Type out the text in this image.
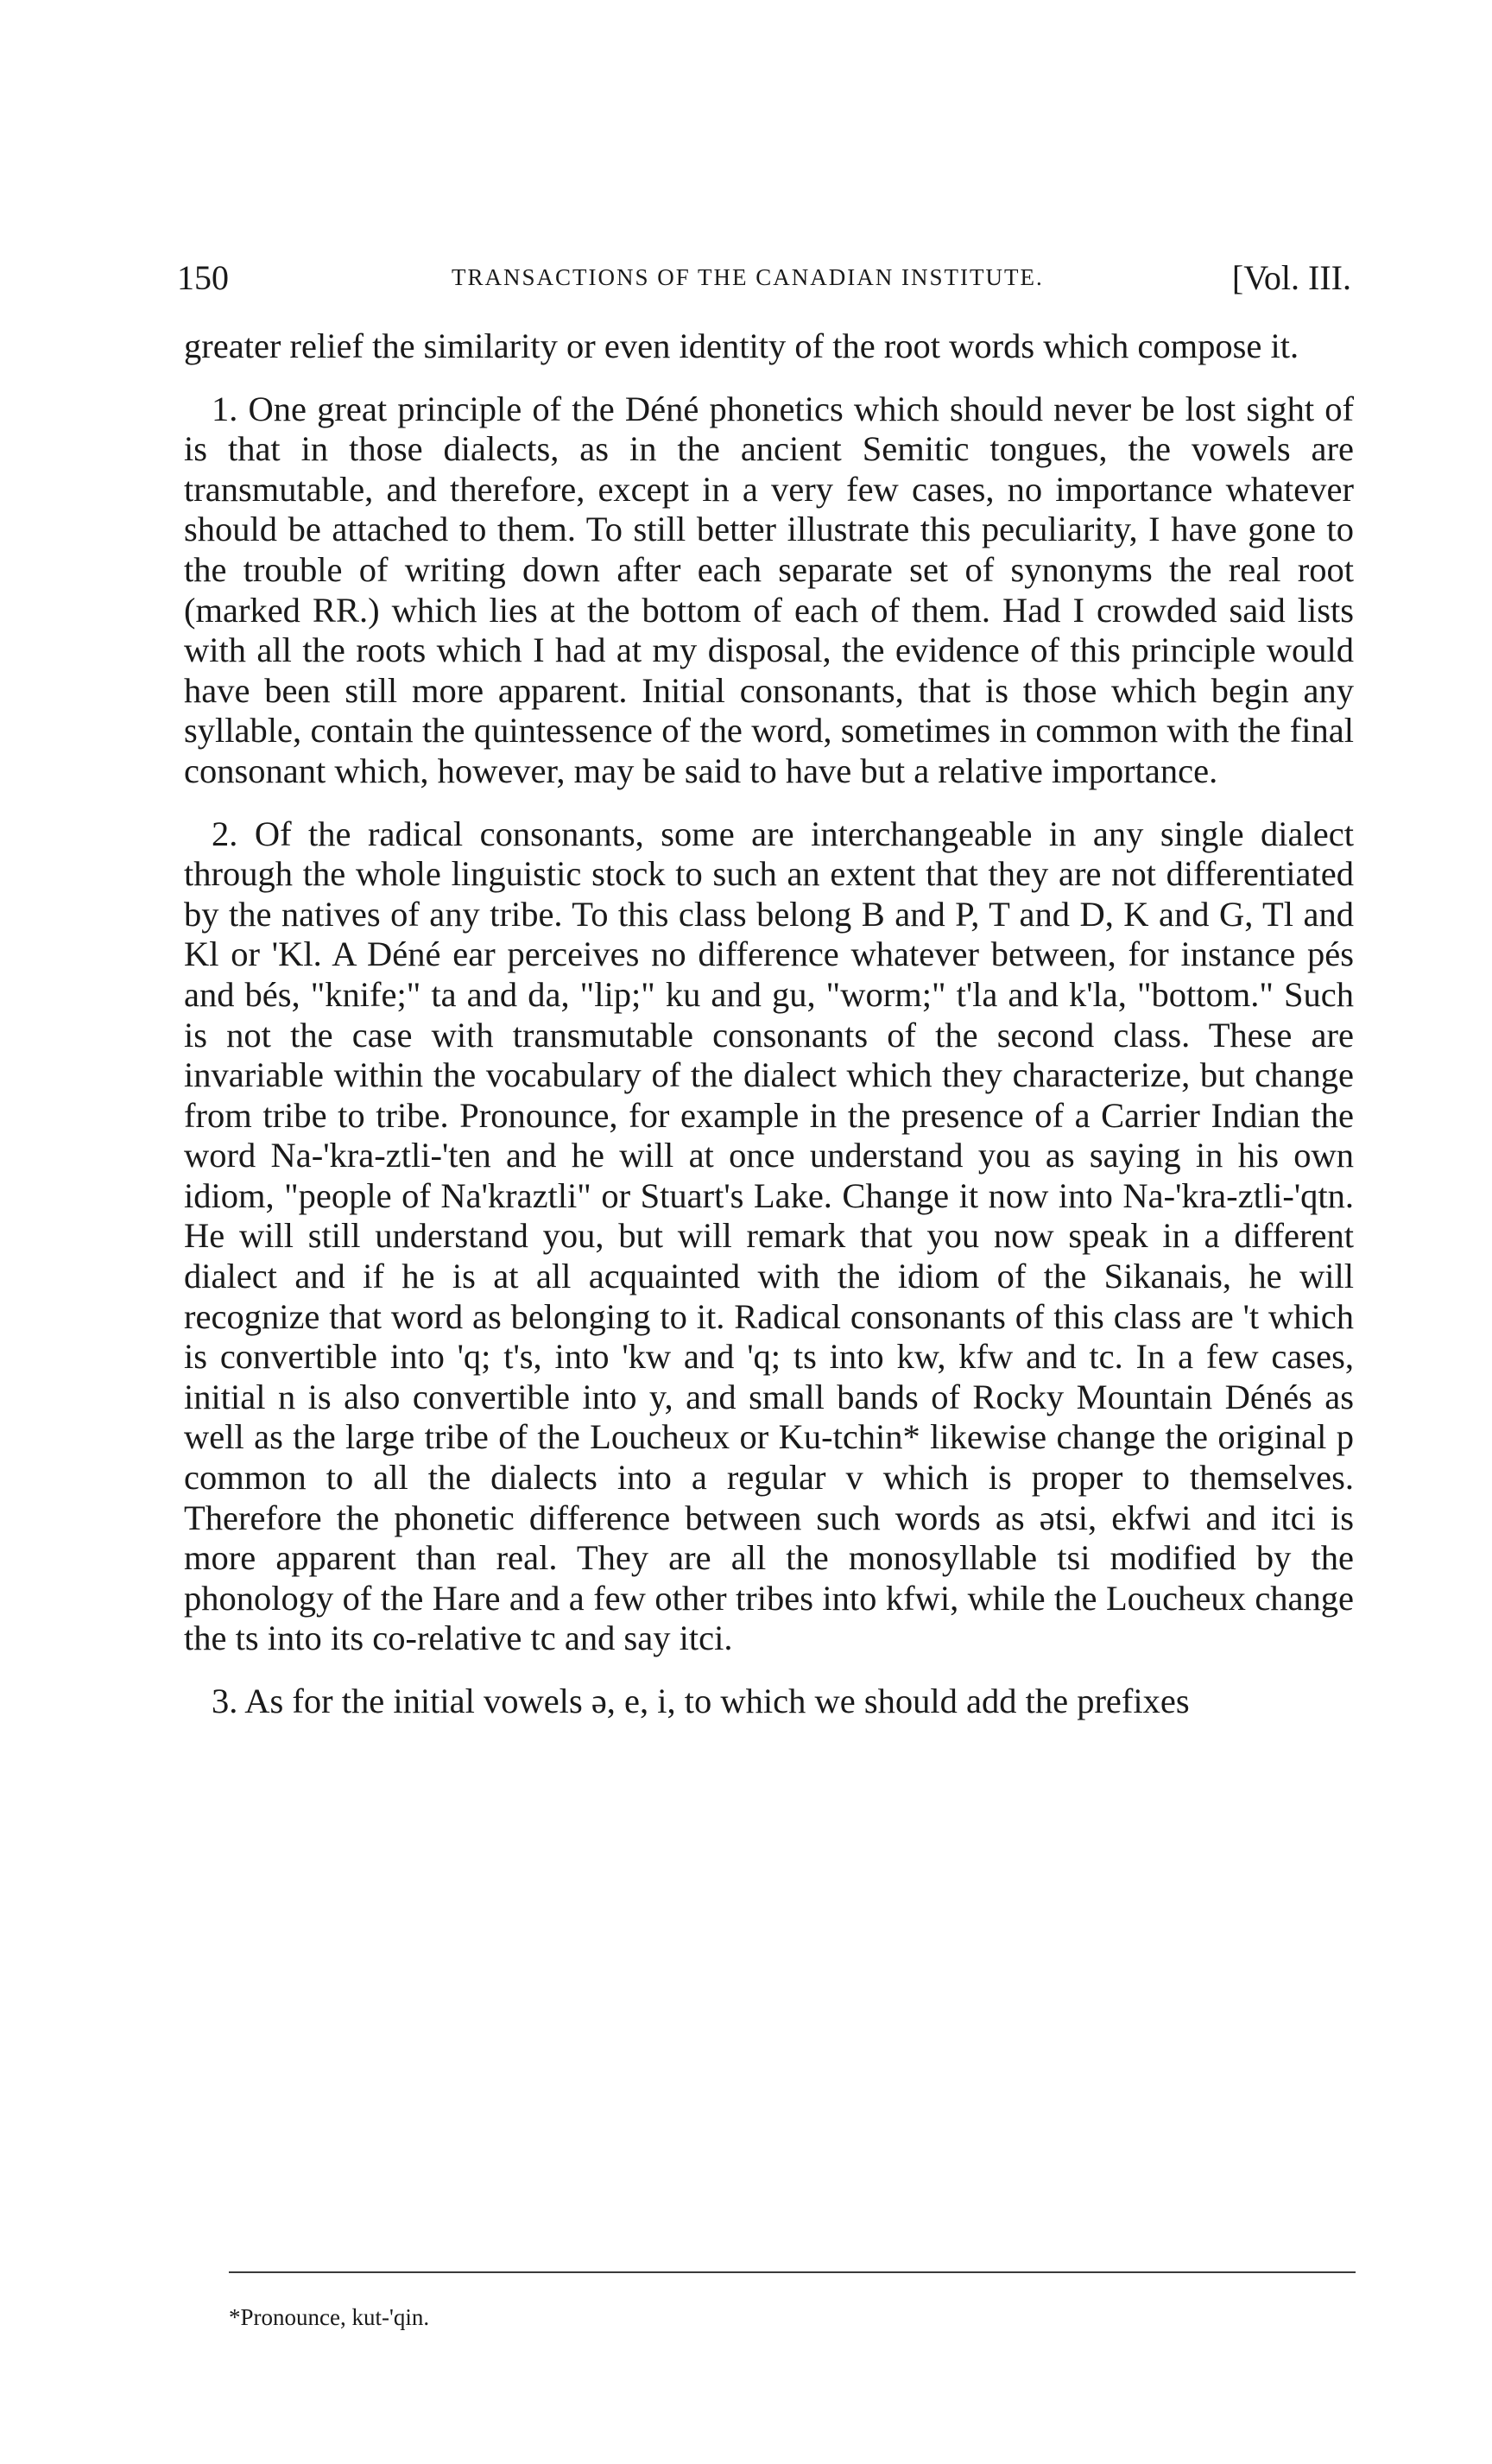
150	TRANSACTIONS OF THE CANADIAN INSTITUTE.	[Vol. III.

greater relief the similarity or even identity of the root words which compose it.

1. One great principle of the Déné phonetics which should never be lost sight of is that in those dialects, as in the ancient Semitic tongues, the vowels are transmutable, and therefore, except in a very few cases, no importance whatever should be attached to them. To still better illustrate this peculiarity, I have gone to the trouble of writing down after each separate set of synonyms the real root (marked RR.) which lies at the bottom of each of them. Had I crowded said lists with all the roots which I had at my disposal, the evidence of this principle would have been still more apparent. Initial consonants, that is those which begin any syllable, contain the quintessence of the word, sometimes in common with the final consonant which, however, may be said to have but a relative importance.

2. Of the radical consonants, some are interchangeable in any single dialect through the whole linguistic stock to such an extent that they are not differentiated by the natives of any tribe. To this class belong B and P, T and D, K and G, Tl and Kl or 'Kl. A Déné ear perceives no difference whatever between, for instance pés and bés, "knife;" ta and da, "lip;" ku and gu, "worm;" t'la and k'la, "bottom." Such is not the case with transmutable consonants of the second class. These are invariable within the vocabulary of the dialect which they characterize, but change from tribe to tribe. Pronounce, for example in the presence of a Carrier Indian the word Na-'kra-ztli-'ten and he will at once understand you as saying in his own idiom, "people of Na'kraztli" or Stuart's Lake. Change it now into Na-'kra-ztli-'qtn. He will still understand you, but will remark that you now speak in a different dialect and if he is at all acquainted with the idiom of the Sikanais, he will recognize that word as belonging to it. Radical consonants of this class are 't which is convertible into 'q; t's, into 'kw and 'q; ts into kw, kfw and tc. In a few cases, initial n is also convertible into y, and small bands of Rocky Mountain Dénés as well as the large tribe of the Loucheux or Ku-tchin* likewise change the original p common to all the dialects into a regular v which is proper to themselves. Therefore the phonetic difference between such words as ətsi, ekfwi and itci is more apparent than real. They are all the monosyllable tsi modified by the phonology of the Hare and a few other tribes into kfwi, while the Loucheux change the ts into its co-relative tc and say itci.

3. As for the initial vowels ə, e, i, to which we should add the prefixes

*Pronounce, kut-'qin.
